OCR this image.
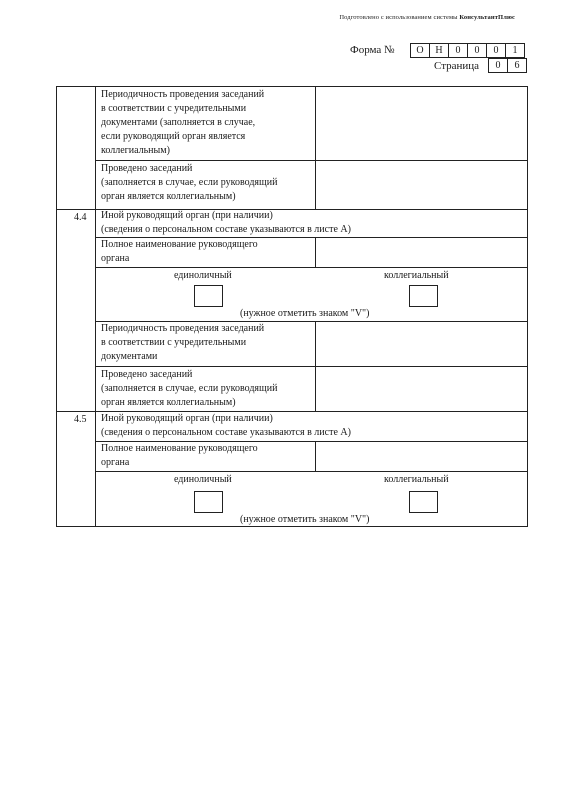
Подготовлено с использованием системы КонсультантПлюс
Форма №	О	Н	0	0	0	1
Страница	0	6
Периодичность проведения заседаний
в соответствии с учредительными
документами (заполняется в случае,
если руководящий орган является
коллегиальным)
Проведено заседаний
(заполняется в случае, если руководящий
орган является коллегиальным)
4.4 Иной руководящий орган (при наличии)
(сведения о персональном составе указываются в листе А)
Полное наименование руководящего
органа
единоличный	коллегиальный
(нужное отметить знаком "V")
Периодичность проведения заседаний
в соответствии с учредительными
документами
Проведено заседаний
(заполняется в случае, если руководящий
орган является коллегиальным)
4.5 Иной руководящий орган (при наличии)
(сведения о персональном составе указываются в листе А)
Полное наименование руководящего
органа
единоличный	коллегиальный
(нужное отметить знаком "V")
